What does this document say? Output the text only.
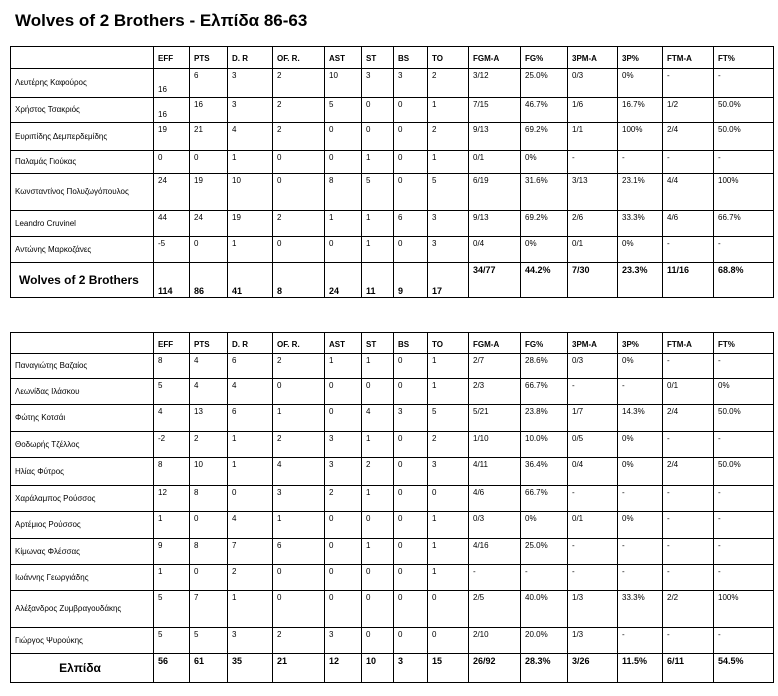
Wolves of 2 Brothers - Ελπίδα 86-63
	EFF	PTS	D. R	OF. R.	AST	ST	BS	TO	FGM-A	FG%	3PM-A	3P%	FTM-A	FT%
Λευτέρης Καφούρος	16	6	3	2	10	3	3	2	3/12	25.0%	0/3	0%	-	-
Χρήστος Τσακριός	16	16	3	2	5	0	0	1	7/15	46.7%	1/6	16.7%	1/2	50.0%
Ευριπίδης Δεμπερδεμίδης	19	21	4	2	0	0	0	2	9/13	69.2%	1/1	100%	2/4	50.0%
Παλαμάς Γιούκας	0	0	1	0	0	1	0	1	0/1	0%	-	-	-	-
Κωνσταντίνος Πολυζωγόπουλος	24	19	10	0	8	5	0	5	6/19	31.6%	3/13	23.1%	4/4	100%
Leandro Cruvinel	44	24	19	2	1	1	6	3	9/13	69.2%	2/6	33.3%	4/6	66.7%
Αντώνης Μαρκοζάνες	-5	0	1	0	0	1	0	3	0/4	0%	0/1	0%	-	-
Wolves of 2 Brothers	114	86	41	8	24	11	9	17	34/77	44.2%	7/30	23.3%	11/16	68.8%
	EFF	PTS	D. R	OF. R.	AST	ST	BS	TO	FGM-A	FG%	3PM-A	3P%	FTM-A	FT%
Παναγιώτης Βαζαίος	8	4	6	2	1	1	0	1	2/7	28.6%	0/3	0%	-	-
Λεωνίδας Ιλάσκου	5	4	4	0	0	0	0	1	2/3	66.7%	-	-	0/1	0%
Φώτης Κοτσάι	4	13	6	1	0	4	3	5	5/21	23.8%	1/7	14.3%	2/4	50.0%
Θοδωρής Τζέλλος	-2	2	1	2	3	1	0	2	1/10	10.0%	0/5	0%	-	-
Ηλίας Φύτρος	8	10	1	4	3	2	0	3	4/11	36.4%	0/4	0%	2/4	50.0%
Χαράλαμπος Ρούσσος	12	8	0	3	2	1	0	0	4/6	66.7%	-	-	-	-
Αρτέμιος Ρούσσος	1	0	4	1	0	0	0	1	0/3	0%	0/1	0%	-	-
Κίμωνας Φλέσσας	9	8	7	6	0	1	0	1	4/16	25.0%	-	-	-	-
Ιωάννης Γεωργιάδης	1	0	2	0	0	0	0	1	-	-	-	-	-	-
Αλέξανδρος Ζυμβραγουδάκης	5	7	1	0	0	0	0	0	2/5	40.0%	1/3	33.3%	2/2	100%
Γιώργος Ψυρούκης	5	5	3	2	3	0	0	0	2/10	20.0%	1/3	-	-	-
Ελπίδα	56	61	35	21	12	10	3	15	26/92	28.3%	3/26	11.5%	6/11	54.5%
